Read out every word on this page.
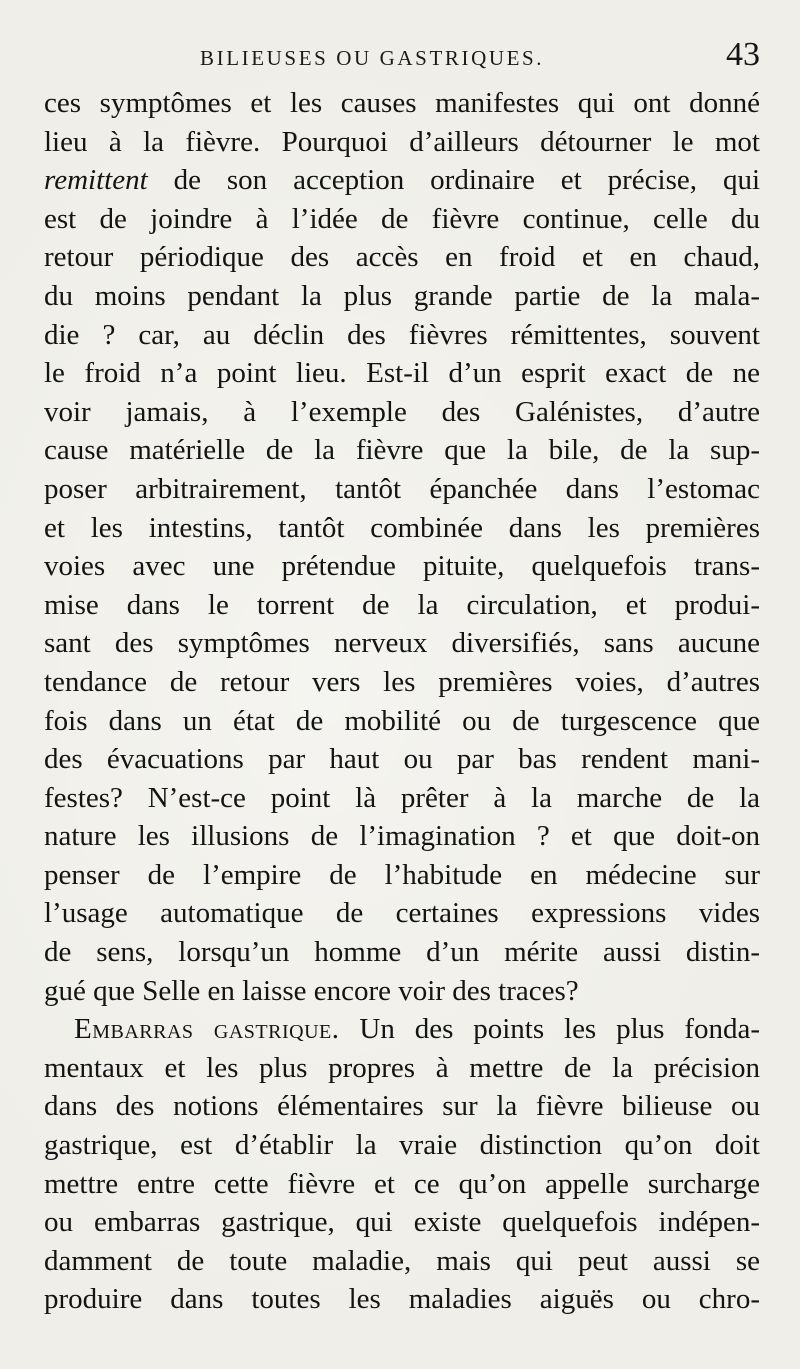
BILIEUSES OU GASTRIQUES.	43
ces symptômes et les causes manifestes qui ont donné
lieu à la fièvre. Pourquoi d’ailleurs détourner le mot
remittent de son acception ordinaire et précise, qui
est de joindre à l’idée de fièvre continue, celle du
retour périodique des accès en froid et en chaud,
du moins pendant la plus grande partie de la mala-
die ? car, au déclin des fièvres rémittentes, souvent
le froid n’a point lieu. Est-il d’un esprit exact de ne
voir jamais, à l’exemple des Galénistes, d’autre
cause matérielle de la fièvre que la bile, de la sup-
poser arbitrairement, tantôt épanchée dans l’estomac
et les intestins, tantôt combinée dans les premières
voies avec une prétendue pituite, quelquefois trans-
mise dans le torrent de la circulation, et produi-
sant des symptômes nerveux diversifiés, sans aucune
tendance de retour vers les premières voies, d’autres
fois dans un état de mobilité ou de turgescence que
des évacuations par haut ou par bas rendent mani-
festes? N’est-ce point là prêter à la marche de la
nature les illusions de l’imagination ? et que doit-on
penser de l’empire de l’habitude en médecine sur
l’usage automatique de certaines expressions vides
de sens, lorsqu’un homme d’un mérite aussi distin-
gué que Selle en laisse encore voir des traces?
Embarras gastrique. Un des points les plus fonda-
mentaux et les plus propres à mettre de la précision
dans des notions élémentaires sur la fièvre bilieuse ou
gastrique, est d’établir la vraie distinction qu’on doit
mettre entre cette fièvre et ce qu’on appelle surcharge
ou embarras gastrique, qui existe quelquefois indépen-
damment de toute maladie, mais qui peut aussi se
produire dans toutes les maladies aiguës ou chro-
